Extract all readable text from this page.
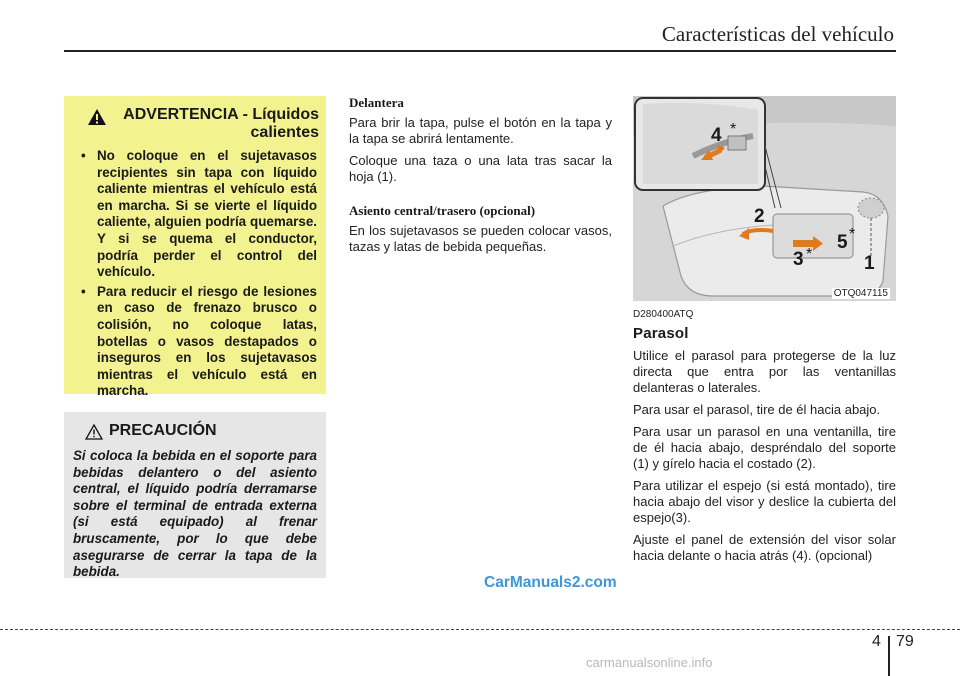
Características del vehículo
ADVERTENCIA - Líquidos calientes
• No coloque en el sujetavasos recipientes sin tapa con líquido caliente mientras el vehículo está en marcha. Si se vierte el líquido caliente, alguien podría quemarse. Y si se quema el conductor, podría perder el control del vehículo.
• Para reducir el riesgo de lesiones en caso de frenazo brusco o colisión, no coloque latas, botellas o vasos destapados o inseguros en los sujetavasos mientras el vehículo está en marcha.
PRECAUCIÓN

Si coloca la bebida en el soporte para bebidas delantero o del asiento central, el líquido podría derramarse sobre el terminal de entrada externa (si está equipado) al frenar bruscamente, por lo que debe asegurarse de cerrar la tapa de la bebida.

Delantera

Para brir la tapa, pulse el botón en la tapa y la tapa se abrirá lentamente.

Coloque una taza o una lata tras sacar la hoja (1).

Asiento central/trasero (opcional)

En los sujetavasos se pueden colocar vasos, tazas y latas de bebida pequeñas.

4 *
2
5 *
3 *	1
OTQ047115
D280400ATQ
Parasol

Utilice el parasol para protegerse de la luz directa que entra por las ventanillas delanteras o laterales.

Para usar el parasol, tire de él hacia abajo.

Para usar un parasol en una ventanilla, tire de él hacia abajo, despréndalo del soporte (1) y gírelo hacia el costado (2).

Para utilizar el espejo (si está montado), tire hacia abajo del visor y deslice la cubierta del espejo(3).

Ajuste el panel de extensión del visor solar hacia delante o hacia atrás (4). (opcional)

CarManuals2.com
4 79
carmanualsonline.info
